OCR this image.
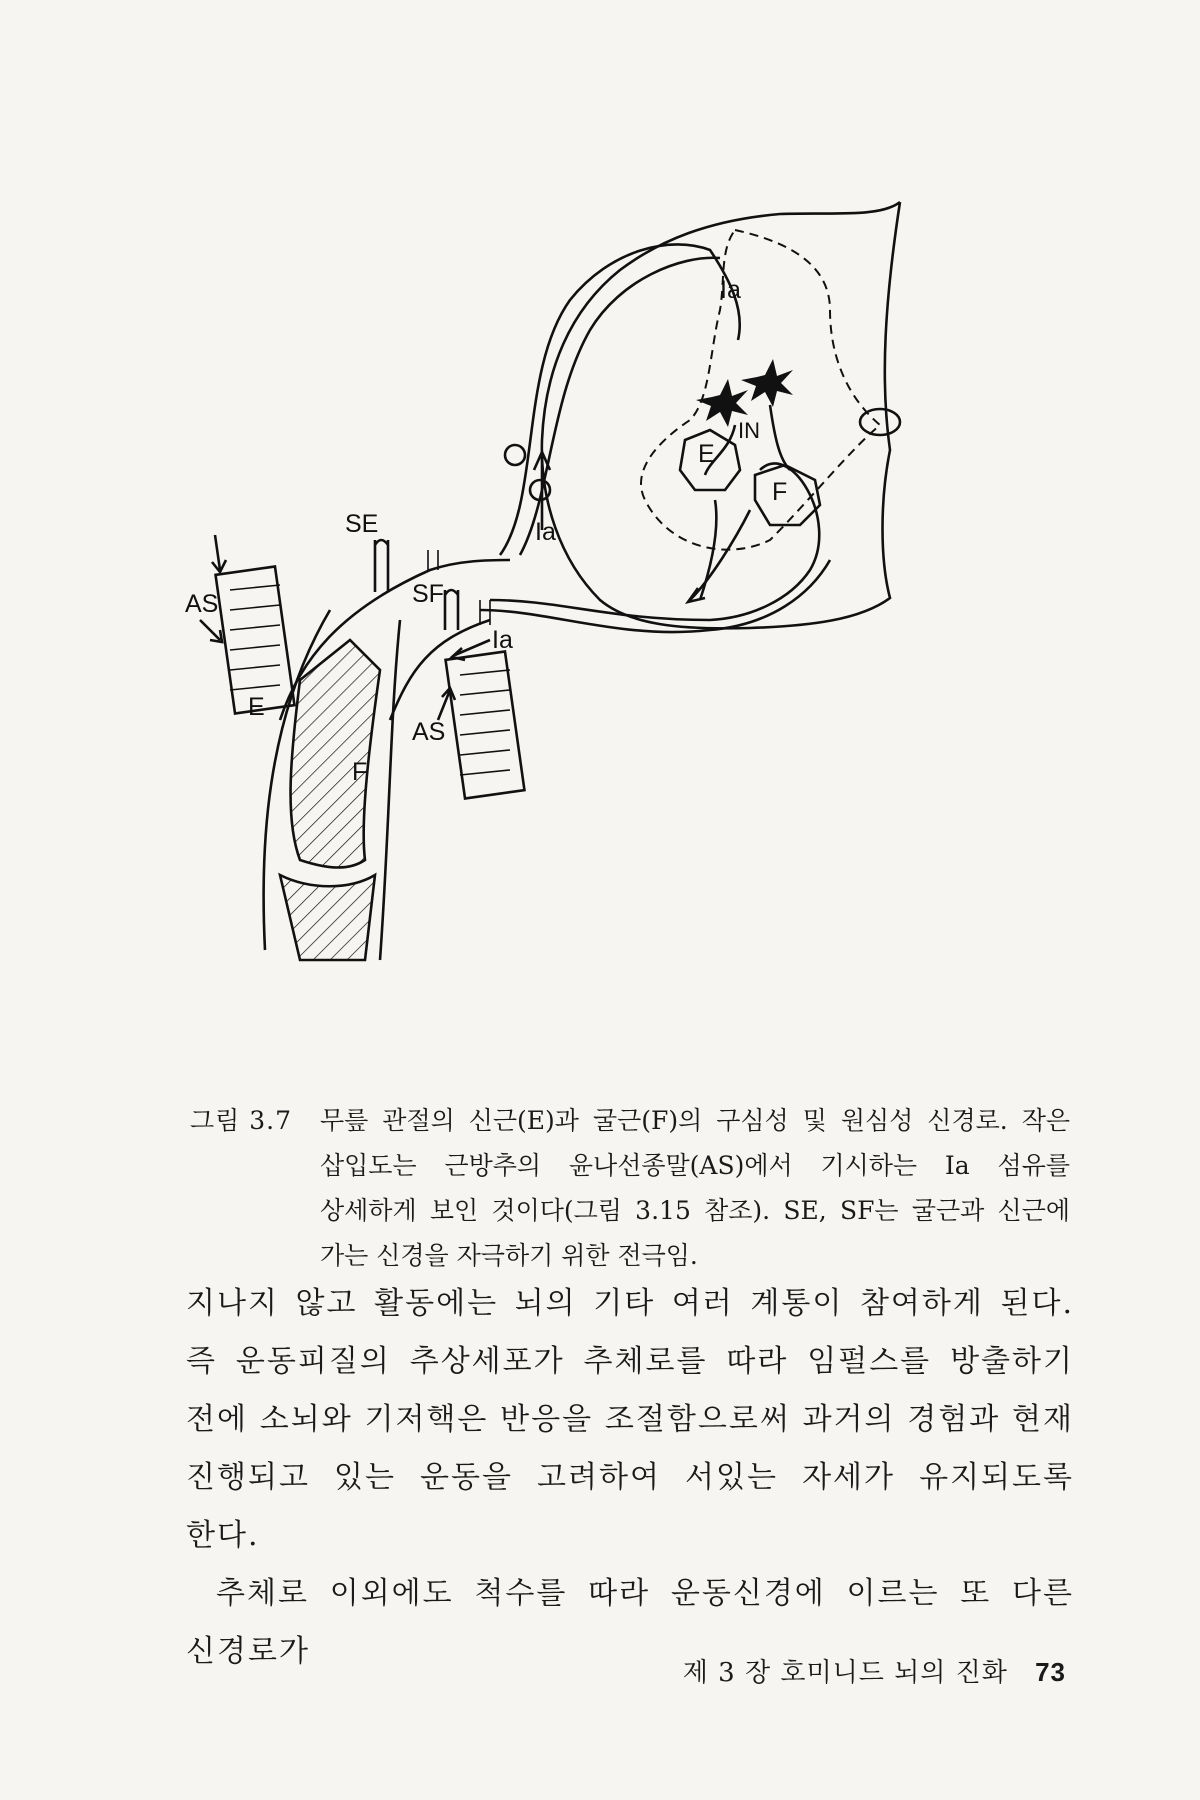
Ia
IN
E
F
Ia
SE
SF
Ia
AS
AS
E
F
그림 3.7	무릎 관절의 신근(E)과 굴근(F)의 구심성 및 원심성 신경로. 작은 삽입도는 근방추의 윤나선종말(AS)에서 기시하는 Ia 섬유를 상세하게 보인 것이다(그림 3.15 참조). SE, SF는 굴근과 신근에 가는 신경을 자극하기 위한 전극임.

지나지 않고 활동에는 뇌의 기타 여러 계통이 참여하게 된다. 즉 운동피질의 추상세포가 추체로를 따라 임펄스를 방출하기 전에 소뇌와 기저핵은 반응을 조절함으로써 과거의 경험과 현재 진행되고 있는 운동을 고려하여 서있는 자세가 유지되도록 한다.

추체로 이외에도 척수를 따라 운동신경에 이르는 또 다른 신경로가

제 3 장 호미니드 뇌의 진화 73
